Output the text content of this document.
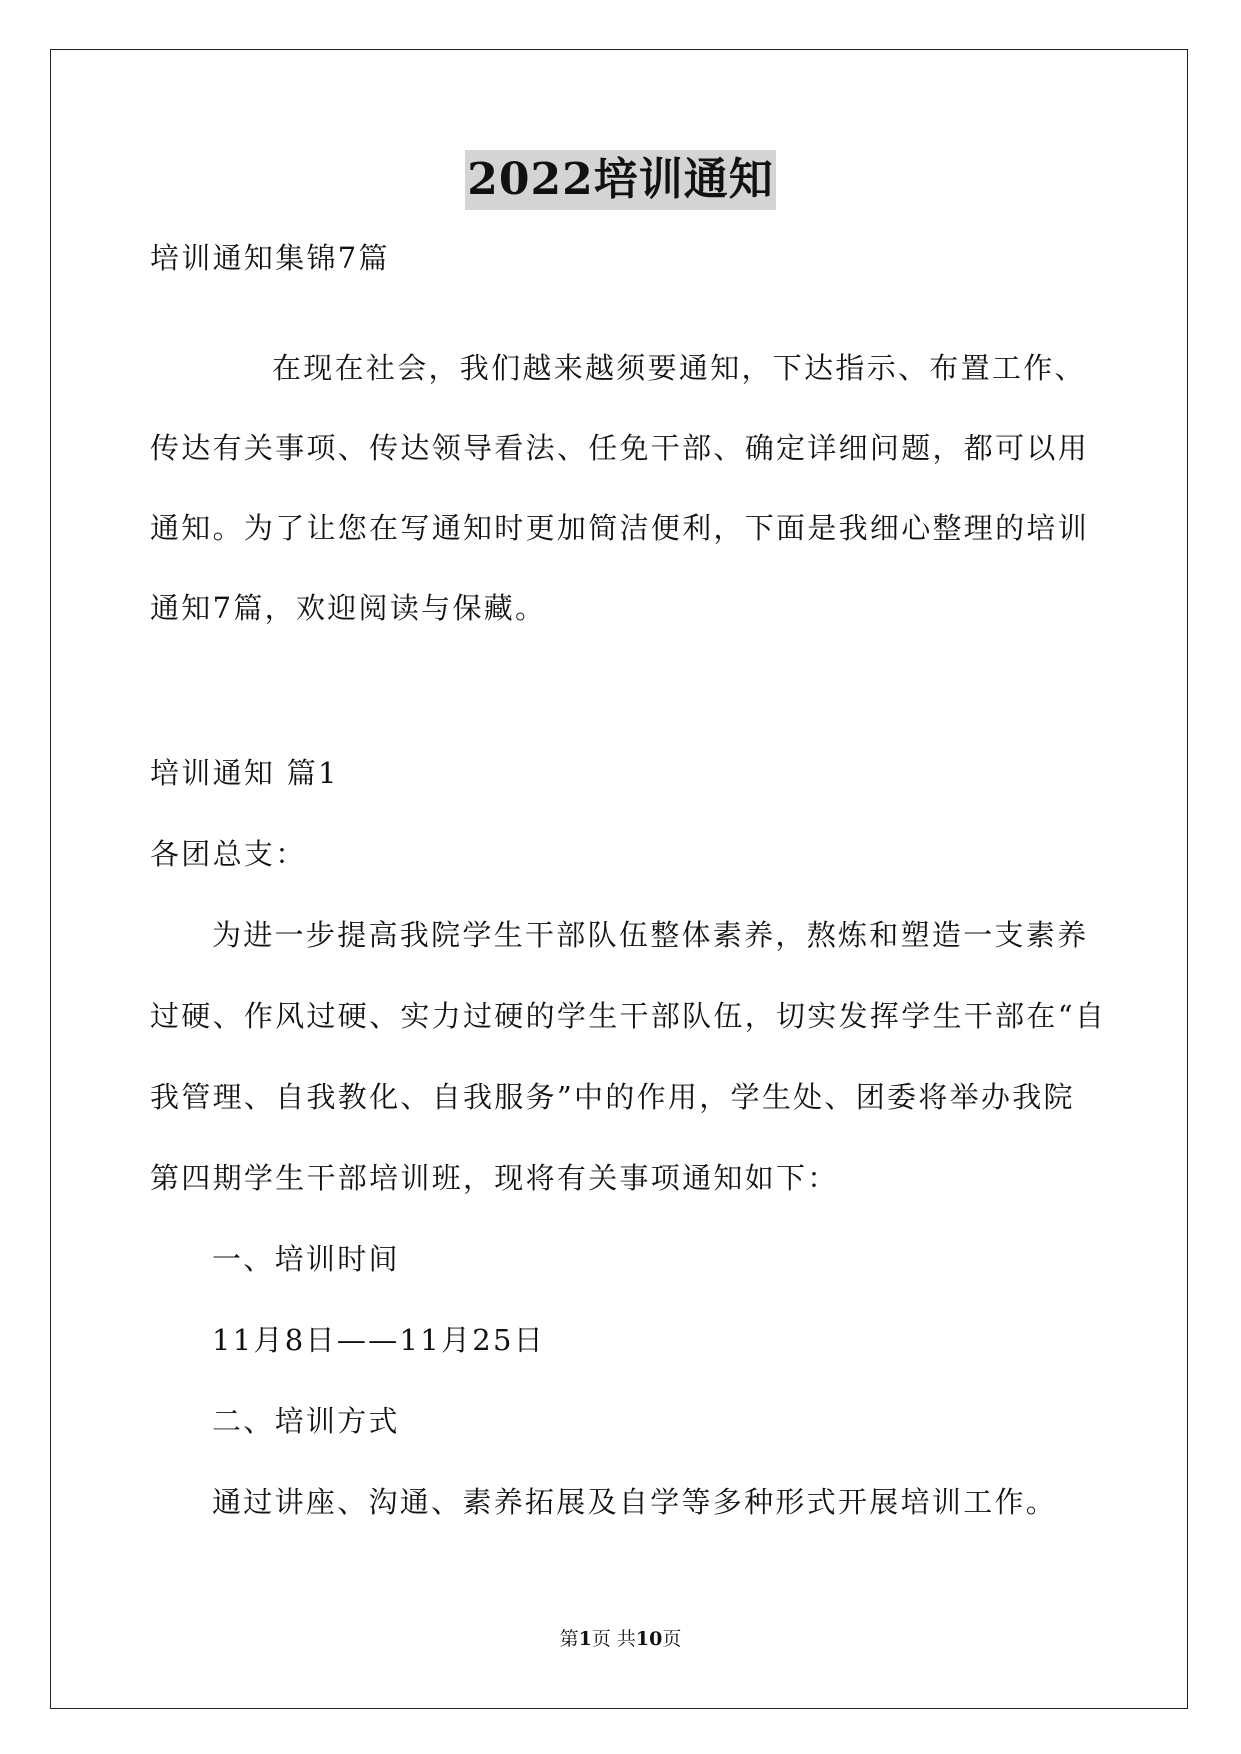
2022培训通知
培训通知集锦7篇
在现在社会，我们越来越须要通知，下达指示、布置工作、
传达有关事项、传达领导看法、任免干部、确定详细问题，都可以用
通知。为了让您在写通知时更加简洁便利，下面是我细心整理的培训
通知7篇，欢迎阅读与保藏。
培训通知 篇1
各团总支：
为进一步提高我院学生干部队伍整体素养，熬炼和塑造一支素养
过硬、作风过硬、实力过硬的学生干部队伍，切实发挥学生干部在“自
我管理、自我教化、自我服务”中的作用，学生处、团委将举办我院
第四期学生干部培训班，现将有关事项通知如下：
一、培训时间
11月8日——11月25日
二、培训方式
通过讲座、沟通、素养拓展及自学等多种形式开展培训工作。
第1页 共10页
